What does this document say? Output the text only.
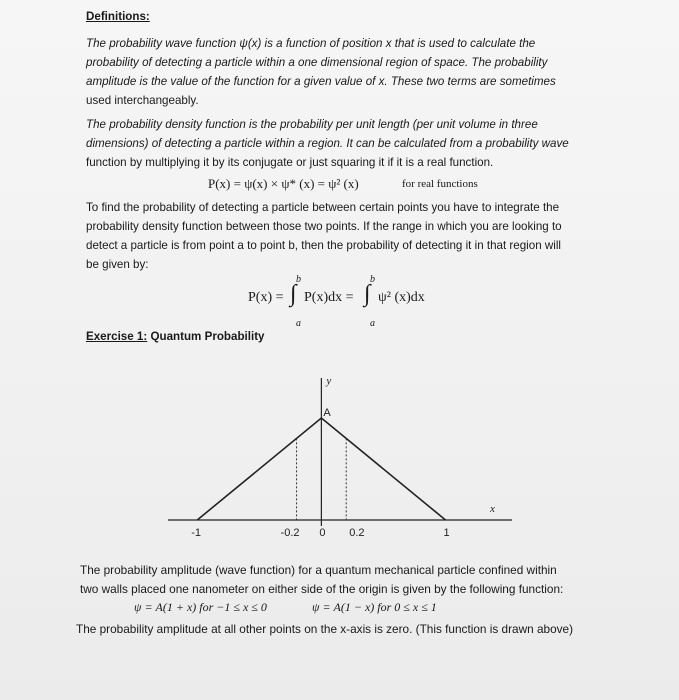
Definitions:
The probability wave function ψ(x) is a function of position x that is used to calculate the
probability of detecting a particle within a one dimensional region of space. The probability
amplitude is the value of the function for a given value of x. These two terms are sometimes
used interchangeably.
The probability density function is the probability per unit length (per unit volume in three
dimensions) of detecting a particle within a region. It can be calculated from a probability wave
function by multiplying it by its conjugate or just squaring it if it is a real function.
P(x) = ψ(x) × ψ* (x) = ψ² (x)	for real functions
To find the probability of detecting a particle between certain points you have to integrate the
probability density function between those two points. If the range in which you are looking to
detect a particle is from point a to point b, then the probability of detecting it in that region will
be given by:
P(x) = ∫
b
a
P(x)dx = ∫
b
a
ψ² (x)dx
Exercise 1: Quantum Probability
A
y
x
-1	-0.2 0 0.2	1
The probability amplitude (wave function) for a quantum mechanical particle confined within
two walls placed one nanometer on either side of the origin is given by the following function:
ψ = A(1 + x) for −1 ≤ x ≤ 0	ψ = A(1 − x) for 0 ≤ x ≤ 1
The probability amplitude at all other points on the x-axis is zero. (This function is drawn above)
